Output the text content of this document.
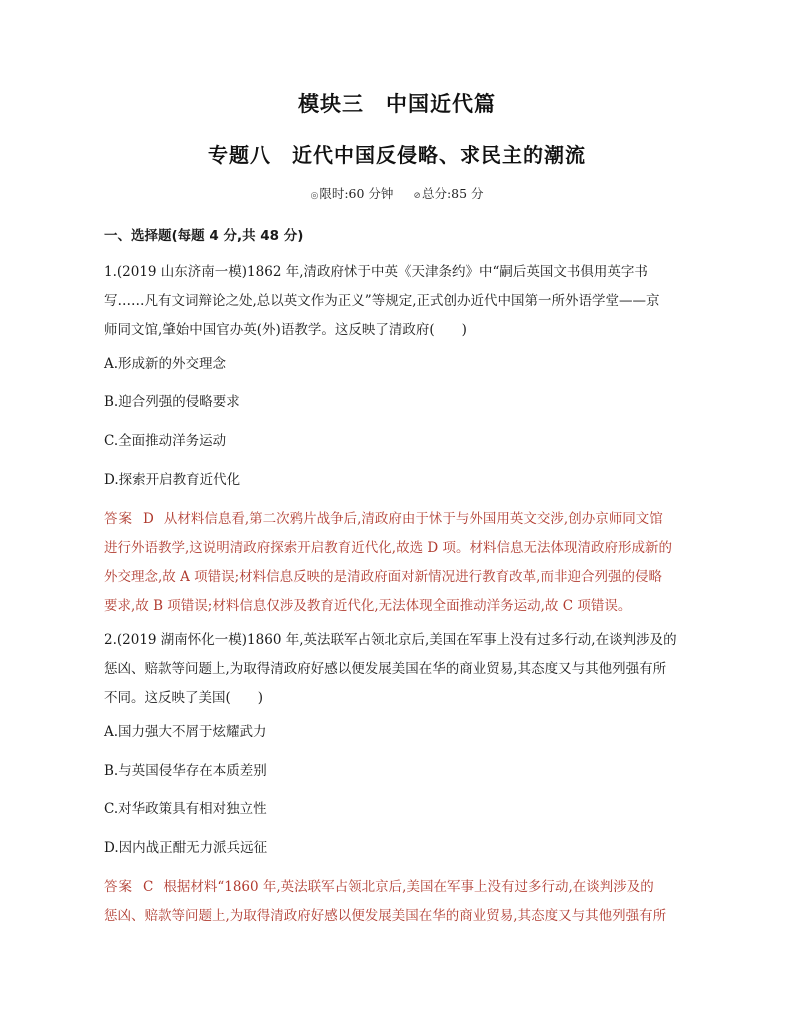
模块三　中国近代篇
专题八　近代中国反侵略、求民主的潮流
◎限时:60 分钟 ⊘总分:85 分
一、选择题(每题 4 分,共 48 分)
1.(2019 山东济南一模)1862 年,清政府怵于中英《天津条约》中“嗣后英国文书俱用英字书
写……凡有文词辩论之处,总以英文作为正义”等规定,正式创办近代中国第一所外语学堂——京
师同文馆,肇始中国官办英(外)语教学。这反映了清政府(　　)
A.形成新的外交理念
B.迎合列强的侵略要求
C.全面推动洋务运动
D.探索开启教育近代化
答案 D 从材料信息看,第二次鸦片战争后,清政府由于怵于与外国用英文交涉,创办京师同文馆
进行外语教学,这说明清政府探索开启教育近代化,故选 D 项。材料信息无法体现清政府形成新的
外交理念,故 A 项错误;材料信息反映的是清政府面对新情况进行教育改革,而非迎合列强的侵略
要求,故 B 项错误;材料信息仅涉及教育近代化,无法体现全面推动洋务运动,故 C 项错误。
2.(2019 湖南怀化一模)1860 年,英法联军占领北京后,美国在军事上没有过多行动,在谈判涉及的
惩凶、赔款等问题上,为取得清政府好感以便发展美国在华的商业贸易,其态度又与其他列强有所
不同。这反映了美国(　　)
A.国力强大不屑于炫耀武力
B.与英国侵华存在本质差别
C.对华政策具有相对独立性
D.因内战正酣无力派兵远征
答案 C 根据材料“1860 年,英法联军占领北京后,美国在军事上没有过多行动,在谈判涉及的
惩凶、赔款等问题上,为取得清政府好感以便发展美国在华的商业贸易,其态度又与其他列强有所
